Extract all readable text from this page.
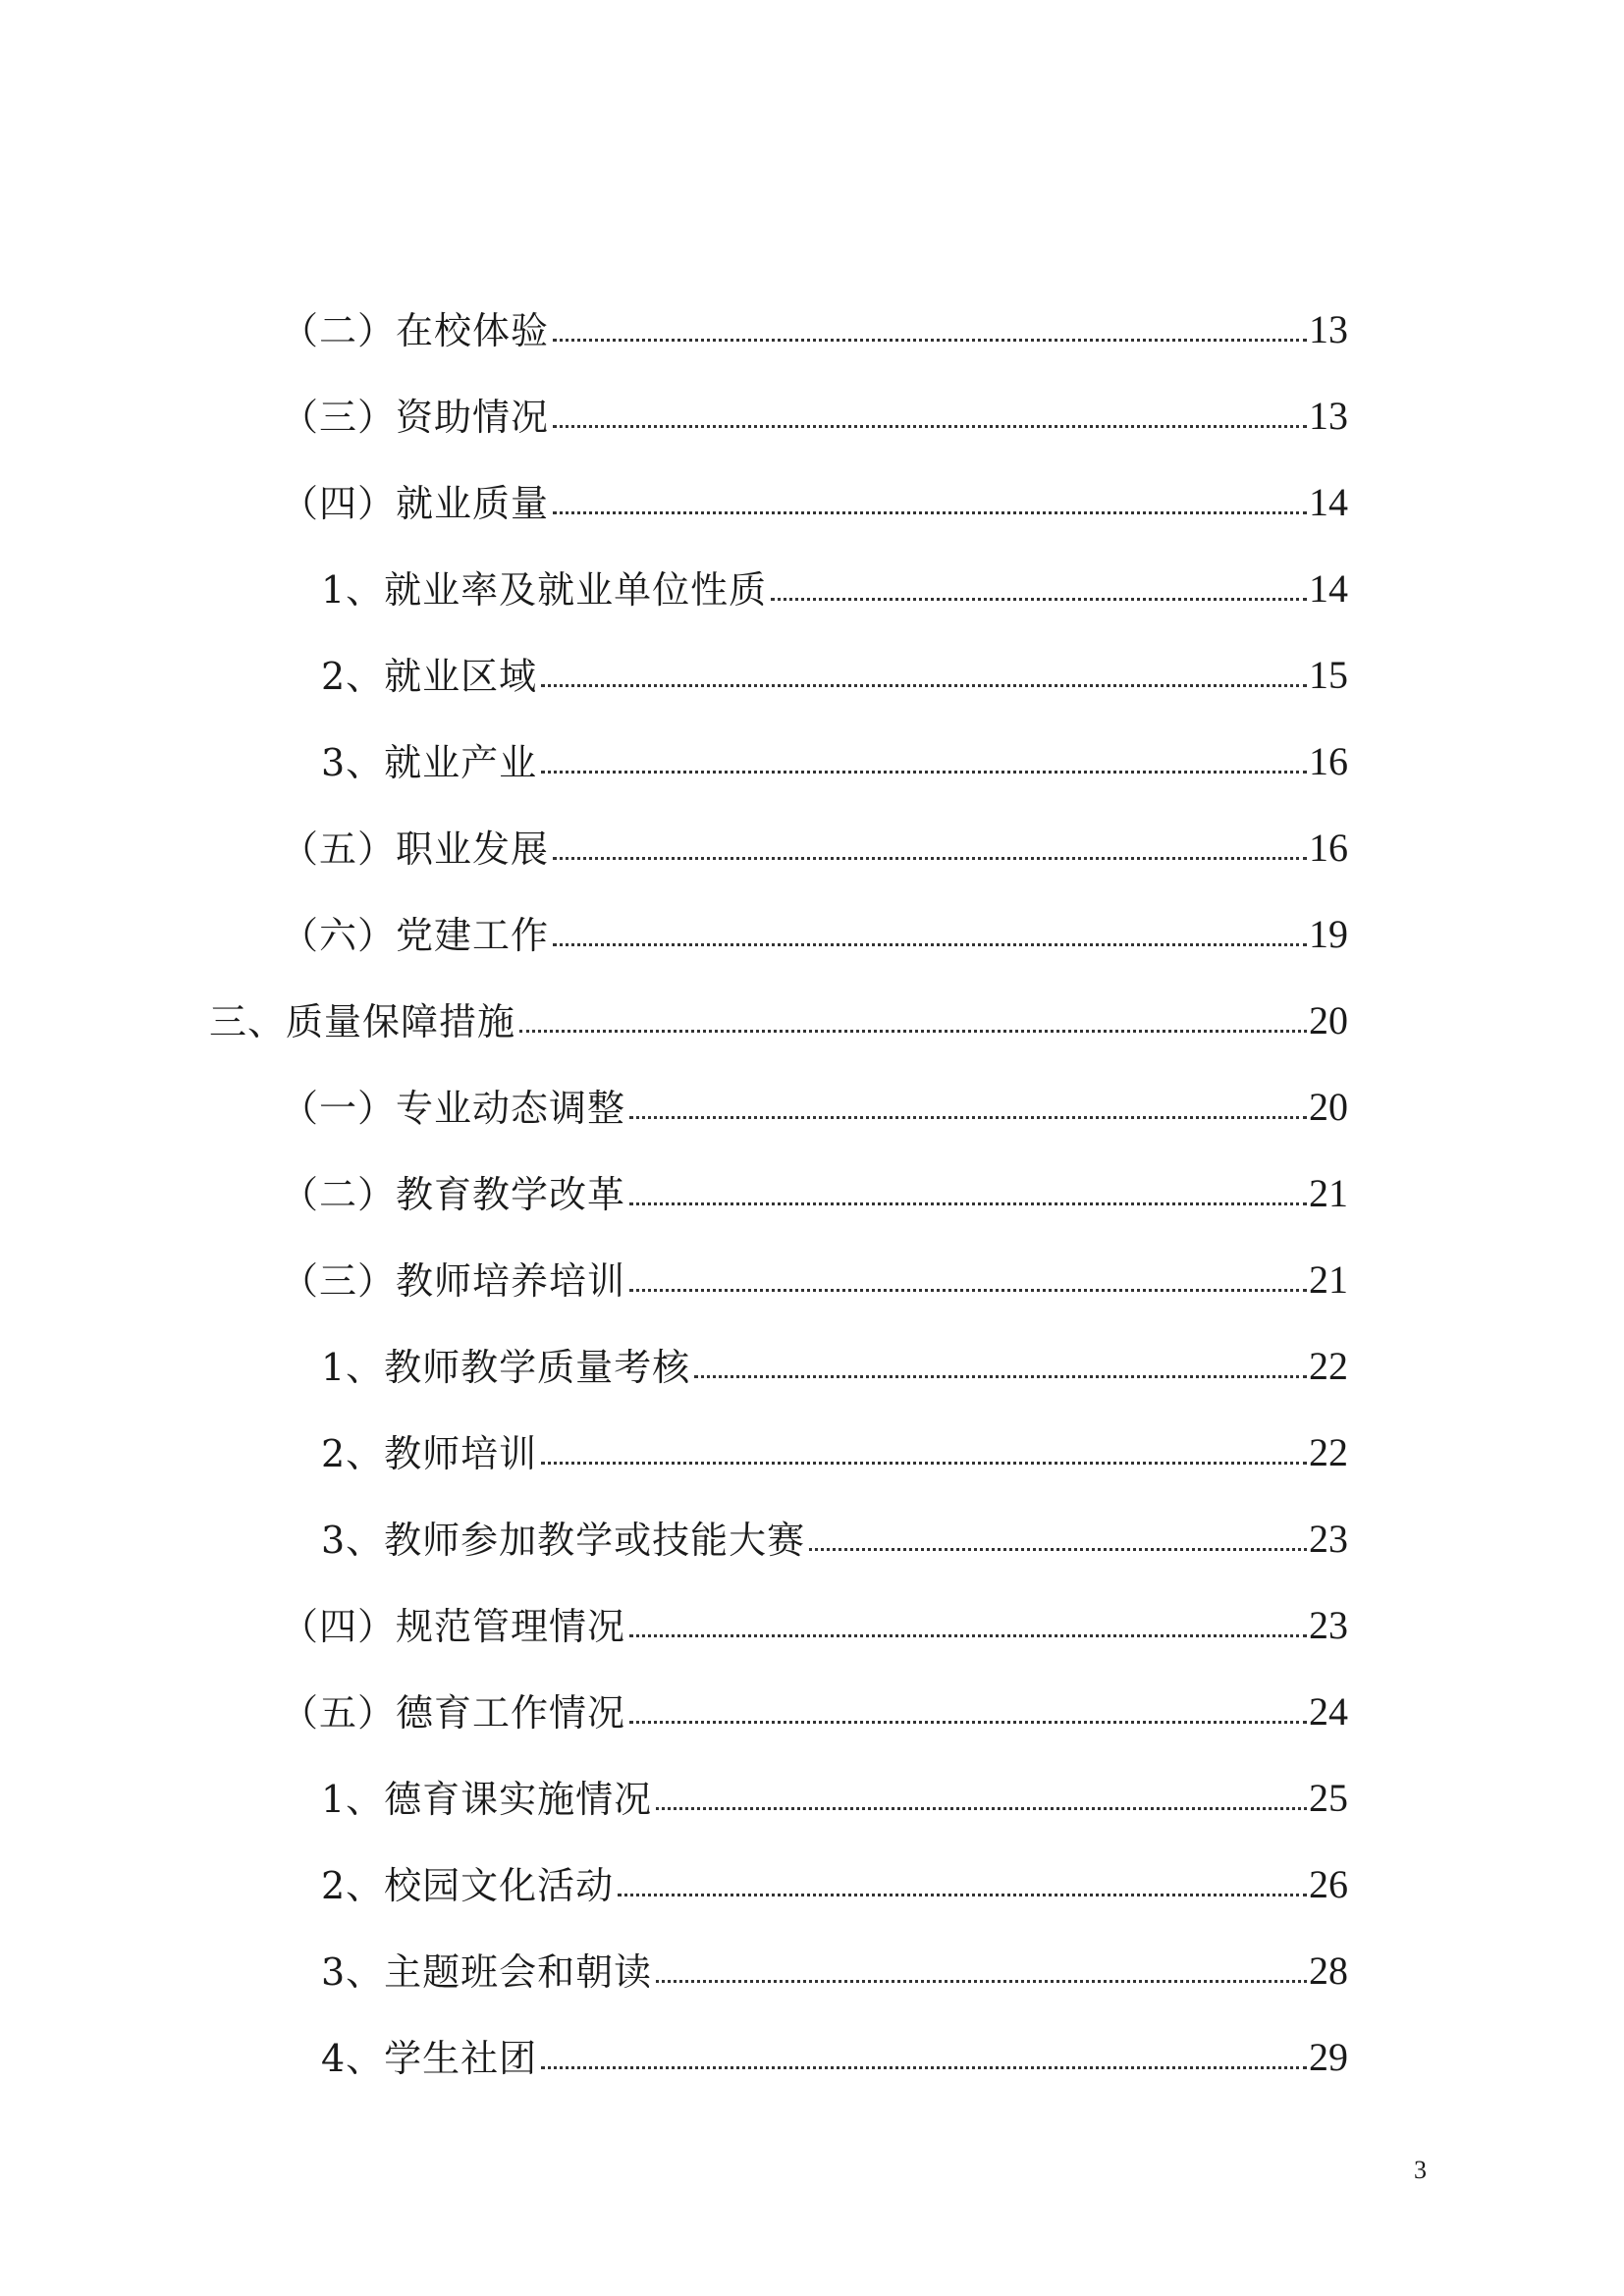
（二）在校体验	13
（三）资助情况	13
（四）就业质量	14
1、就业率及就业单位性质	14
2、就业区域	15
3、就业产业	16
（五）职业发展	16
（六）党建工作	19
三、质量保障措施	20
（一）专业动态调整	20
（二）教育教学改革	21
（三）教师培养培训	21
1、教师教学质量考核	22
2、教师培训	22
3、教师参加教学或技能大赛	23
（四）规范管理情况	23
（五）德育工作情况	24
1、德育课实施情况	25
2、校园文化活动	26
3、主题班会和朝读	28
4、学生社团	29
3
